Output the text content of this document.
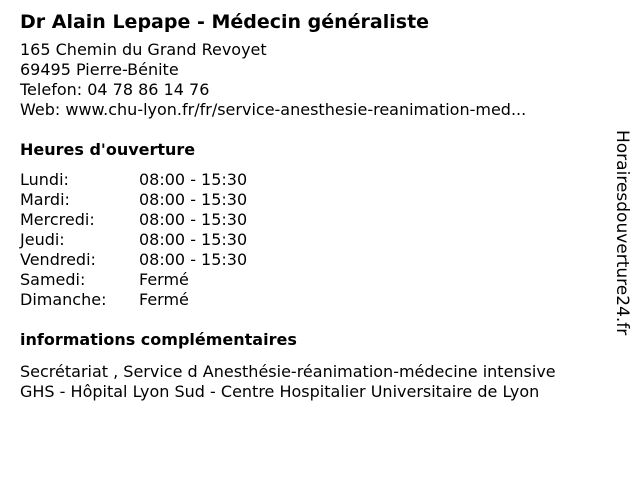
Dr Alain Lepape - Médecin généraliste
165 Chemin du Grand Revoyet
69495 Pierre-Bénite
Telefon: 04 78 86 14 76
Web: www.chu-lyon.fr/fr/service-anesthesie-reanimation-med...
Heures d'ouverture
Lundi:	08:00 - 15:30
Mardi:	08:00 - 15:30
Mercredi:	08:00 - 15:30
Jeudi:	08:00 - 15:30
Vendredi:	08:00 - 15:30
Samedi:	Fermé
Dimanche:	Fermé
informations complémentaires
Secrétariat , Service d Anesthésie-réanimation-médecine intensive
GHS - Hôpital Lyon Sud - Centre Hospitalier Universitaire de Lyon
Horairesdouverture24.fr
